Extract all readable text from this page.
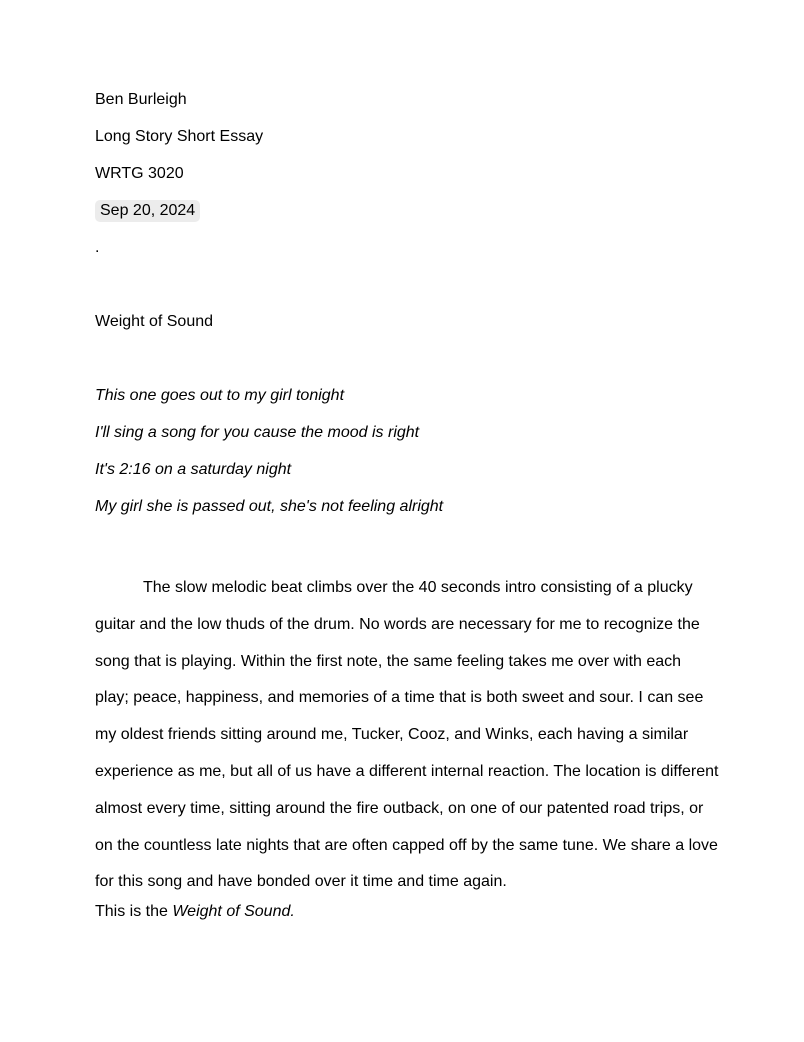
Ben Burleigh
Long Story Short Essay
WRTG 3020
Sep 20, 2024
.
Weight of Sound
This one goes out to my girl tonight
I'll sing a song for you cause the mood is right
It's 2:16 on a saturday night
My girl she is passed out, she's not feeling alright
The slow melodic beat climbs over the 40 seconds intro consisting of a plucky
guitar and the low thuds of the drum. No words are necessary for me to recognize the
song that is playing. Within the first note, the same feeling takes me over with each
play; peace, happiness, and memories of a time that is both sweet and sour. I can see
my oldest friends sitting around me, Tucker, Cooz, and Winks, each having a similar
experience as me, but all of us have a different internal reaction. The location is different
almost every time, sitting around the fire outback, on one of our patented road trips, or
on the countless late nights that are often capped off by the same tune. We share a love
for this song and have bonded over it time and time again.
This is the Weight of Sound.
